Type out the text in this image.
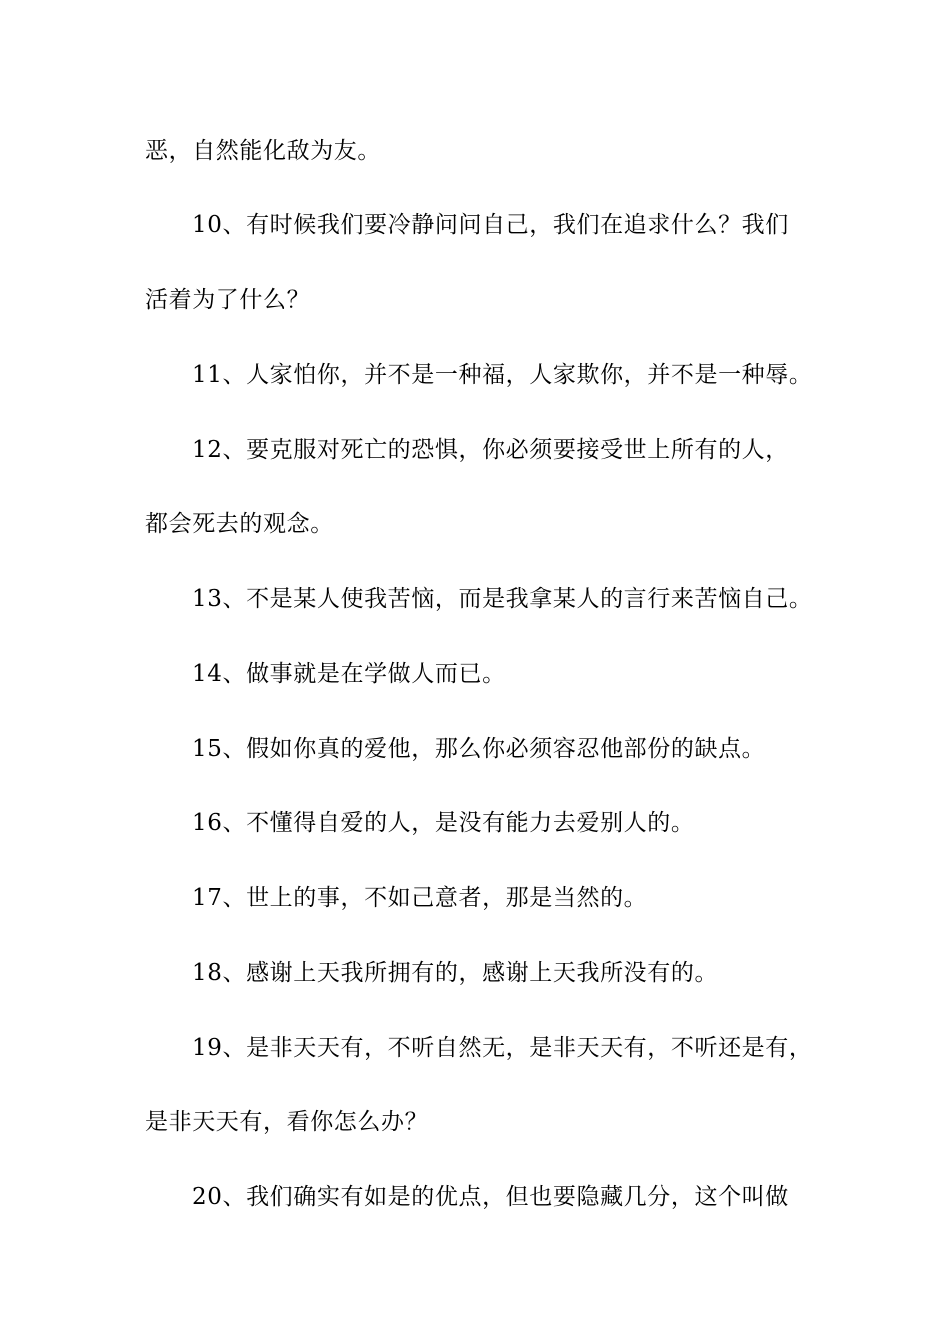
恶，自然能化敌为友。
10、有时候我们要冷静问问自己，我们在追求什么？我们
活着为了什么？
11、人家怕你，并不是一种福，人家欺你，并不是一种辱。
12、要克服对死亡的恐惧，你必须要接受世上所有的人，
都会死去的观念。
13、不是某人使我苦恼，而是我拿某人的言行来苦恼自己。
14、做事就是在学做人而已。
15、假如你真的爱他，那么你必须容忍他部份的缺点。
16、不懂得自爱的人，是没有能力去爱别人的。
17、世上的事，不如己意者，那是当然的。
18、感谢上天我所拥有的，感谢上天我所没有的。
19、是非天天有，不听自然无，是非天天有，不听还是有，
是非天天有，看你怎么办？
20、我们确实有如是的优点，但也要隐藏几分，这个叫做
